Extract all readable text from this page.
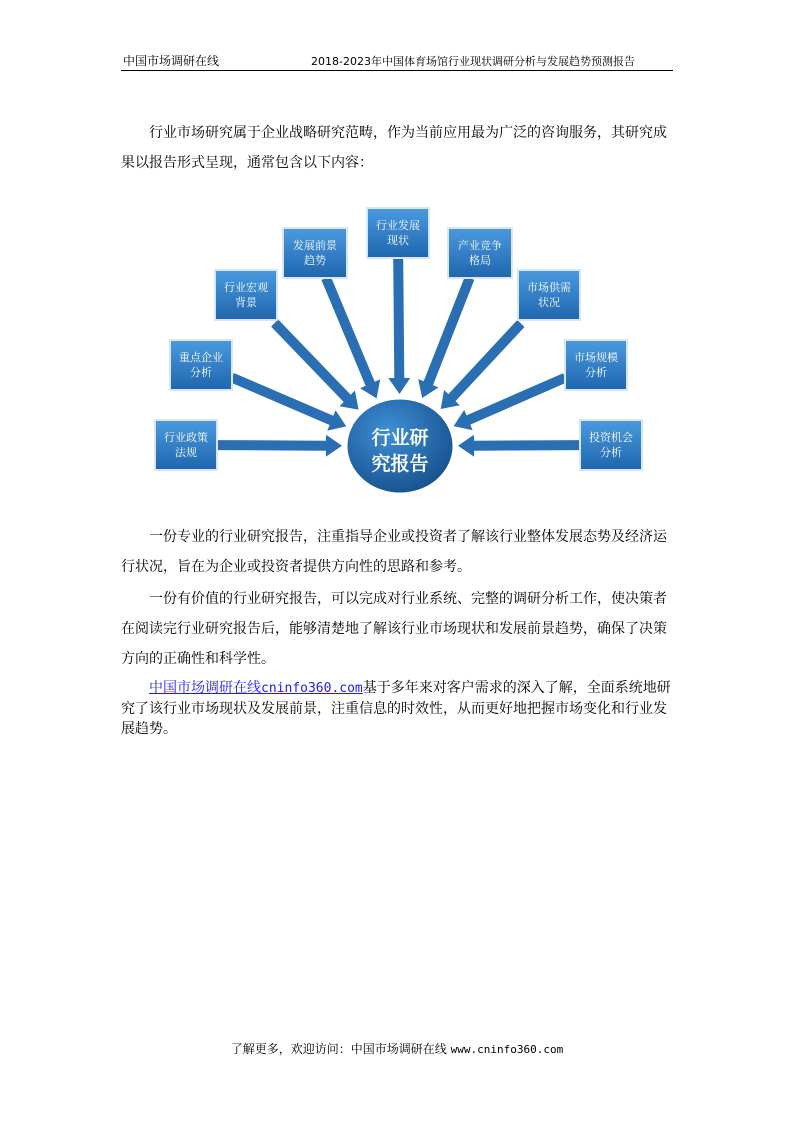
中国市场调研在线	2018-2023年中国体育场馆行业现状调研分析与发展趋势预测报告
行业市场研究属于企业战略研究范畴，作为当前应用最为广泛的咨询服务，其研究成果以报告形式呈现，通常包含以下内容：
行业政策
法规
重点企业
分析
行业宏观
背景
发展前景
趋势
行业发展
现状	产业竞争
格局
市场供需
状况
市场规模
分析
投资机会
分析
行业研
究报告
一份专业的行业研究报告，注重指导企业或投资者了解该行业整体发展态势及经济运行状况，旨在为企业或投资者提供方向性的思路和参考。
一份有价值的行业研究报告，可以完成对行业系统、完整的调研分析工作，使决策者在阅读完行业研究报告后，能够清楚地了解该行业市场现状和发展前景趋势，确保了决策方向的正确性和科学性。
中国市场调研在线cninfo360.com基于多年来对客户需求的深入了解，全面系统地研究了该行业市场现状及发展前景，注重信息的时效性，从而更好地把握市场变化和行业发展趋势。
了解更多，欢迎访问：中国市场调研在线 www.cninfo360.com
